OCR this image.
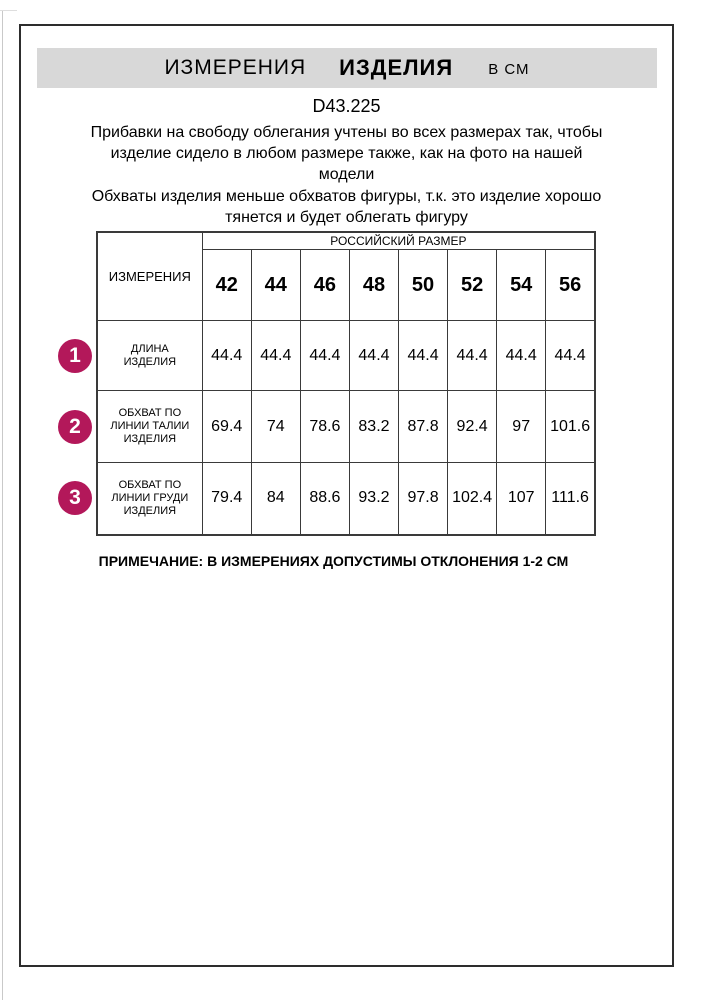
ИЗМЕРЕНИЯ ИЗДЕЛИЯ В СМ
D43.225
Прибавки на свободу облегания учтены во всех размерах так, чтобы
изделие сидело в любом размере также, как на фото на нашей
модели
Обхваты изделия меньше обхватов фигуры, т.к. это изделие хорошо
тянется и будет облегать фигуру
ИЗМЕРЕНИЯ	РОССИЙСКИЙ РАЗМЕР							
	42	44	46	48	50	52	54	56
ДЛИНА ИЗДЕЛИЯ	44.4	44.4	44.4	44.4	44.4	44.4	44.4	44.4
ОБХВАТ ПО ЛИНИИ ТАЛИИ ИЗДЕЛИЯ	69.4	74	78.6	83.2	87.8	92.4	97	101.6
ОБХВАТ ПО ЛИНИИ ГРУДИ ИЗДЕЛИЯ	79.4	84	88.6	93.2	97.8	102.4	107	111.6
1
2
3
ПРИМЕЧАНИЕ: В ИЗМЕРЕНИЯХ ДОПУСТИМЫ ОТКЛОНЕНИЯ 1-2 СМ
